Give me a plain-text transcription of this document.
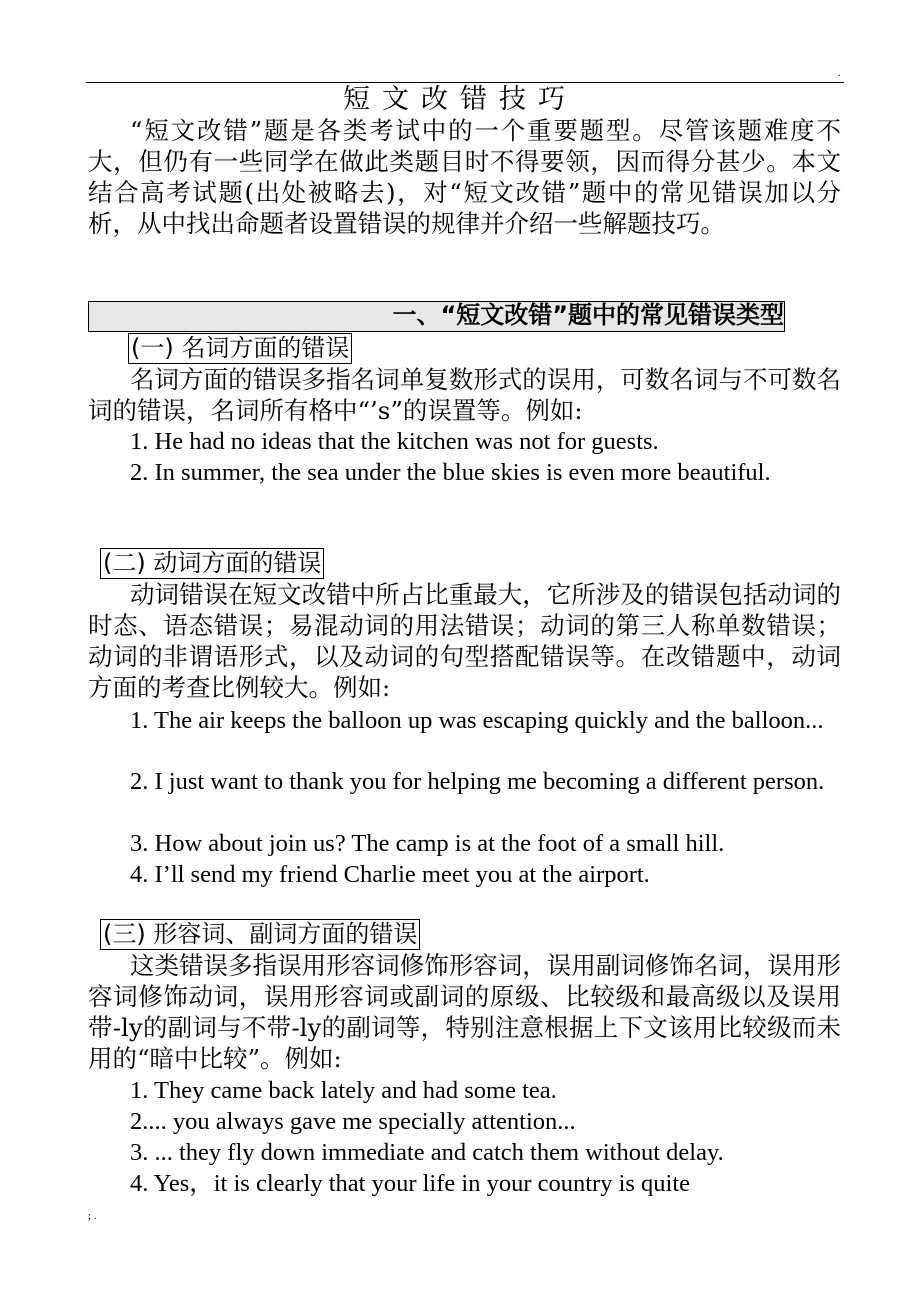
.
短文改错技巧

“短文改错”题是各类考试中的一个重要题型。尽管该题难度不大，但仍有一些同学在做此类题目时不得要领，因而得分甚少。本文结合高考试题(出处被略去)，对“短文改错”题中的常见错误加以分析，从中找出命题者设置错误的规律并介绍一些解题技巧。

一、“短文改错”题中的常见错误类型
(一) 名词方面的错误

名词方面的错误多指名词单复数形式的误用，可数名词与不可数名词的错误，名词所有格中“’s”的误置等。例如:

1. He had no ideas that the kitchen was not for guests.

2. In summer, the sea under the blue skies is even more beautiful.

(二) 动词方面的错误

动词错误在短文改错中所占比重最大，它所涉及的错误包括动词的时态、语态错误；易混动词的用法错误；动词的第三人称单数错误；动词的非谓语形式，以及动词的句型搭配错误等。在改错题中，动词方面的考查比例较大。例如:

1. The air keeps the balloon up was escaping quickly and the balloon...

2. I just want to thank you for helping me becoming a different person.

3. How about join us? The camp is at the foot of a small hill.

4. I’ll send my friend Charlie meet you at the airport.

(三) 形容词、副词方面的错误

这类错误多指误用形容词修饰形容词，误用副词修饰名词，误用形容词修饰动词，误用形容词或副词的原级、比较级和最高级以及误用带-ly的副词与不带-ly的副词等，特别注意根据上下文该用比较级而未用的“暗中比较”。例如:

1. They came back lately and had some tea.

2.... you always gave me specially attention...

3. ... they fly down immediate and catch them without delay.

4. Yes，it is clearly that your life in your country is quite

; .
